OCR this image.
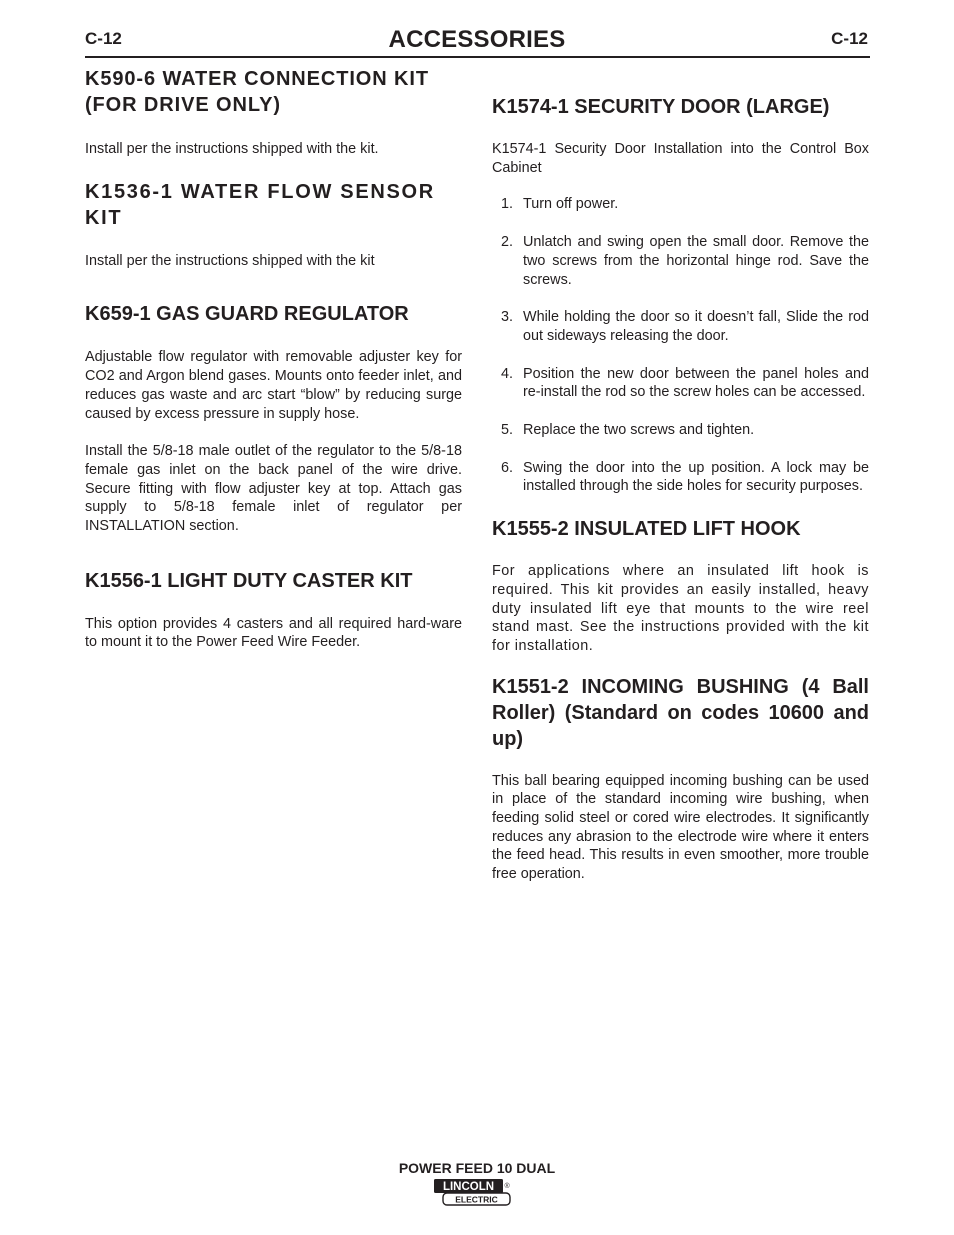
C-12	ACCESSORIES	C-12
K590-6 WATER CONNECTION KIT (FOR DRIVE ONLY)

Install per the instructions shipped with the kit.

K1536-1 WATER FLOW SENSOR KIT

Install per the instructions shipped with the kit

K659-1 GAS GUARD REGULATOR

Adjustable flow regulator with removable adjuster key for CO2 and Argon blend gases. Mounts onto feeder inlet, and reduces gas waste and arc start “blow” by reducing surge caused by excess pressure in supply hose.

Install the 5/8-18 male outlet of the regulator to the 5/8-18 female gas inlet on the back panel of the wire drive. Secure fitting with flow adjuster key at top. Attach gas supply to 5/8-18 female inlet of regulator per INSTALLATION section.

K1556-1 LIGHT DUTY CASTER KIT

This option provides 4 casters and all required hard-ware to mount it to the Power Feed Wire Feeder.

K1574-1 SECURITY DOOR (LARGE)

K1574-1 Security Door Installation into the Control Box Cabinet

1. Turn off power.
2. Unlatch and swing open the small door. Remove the two screws from the horizontal hinge rod. Save the screws.
3. While holding the door so it doesn’t fall, Slide the rod out sideways releasing the door.
4. Position the new door between the panel holes and re-install the rod so the screw holes can be accessed.
5. Replace the two screws and tighten.
6. Swing the door into the up position. A lock may be installed through the side holes for security purposes.
K1555-2 INSULATED LIFT HOOK

For applications where an insulated lift hook is required. This kit provides an easily installed, heavy duty insulated lift eye that mounts to the wire reel stand mast. See the instructions provided with the kit for installation.

K1551-2 INCOMING BUSHING (4 Ball Roller) (Standard on codes 10600 and up)

This ball bearing equipped incoming bushing can be used in place of the standard incoming wire bushing, when feeding solid steel or cored wire electrodes. It significantly reduces any abrasion to the electrode wire where it enters the feed head. This results in even smoother, more trouble free operation.

POWER FEED 10 DUAL
LINCOLN
ELECTRIC
®
